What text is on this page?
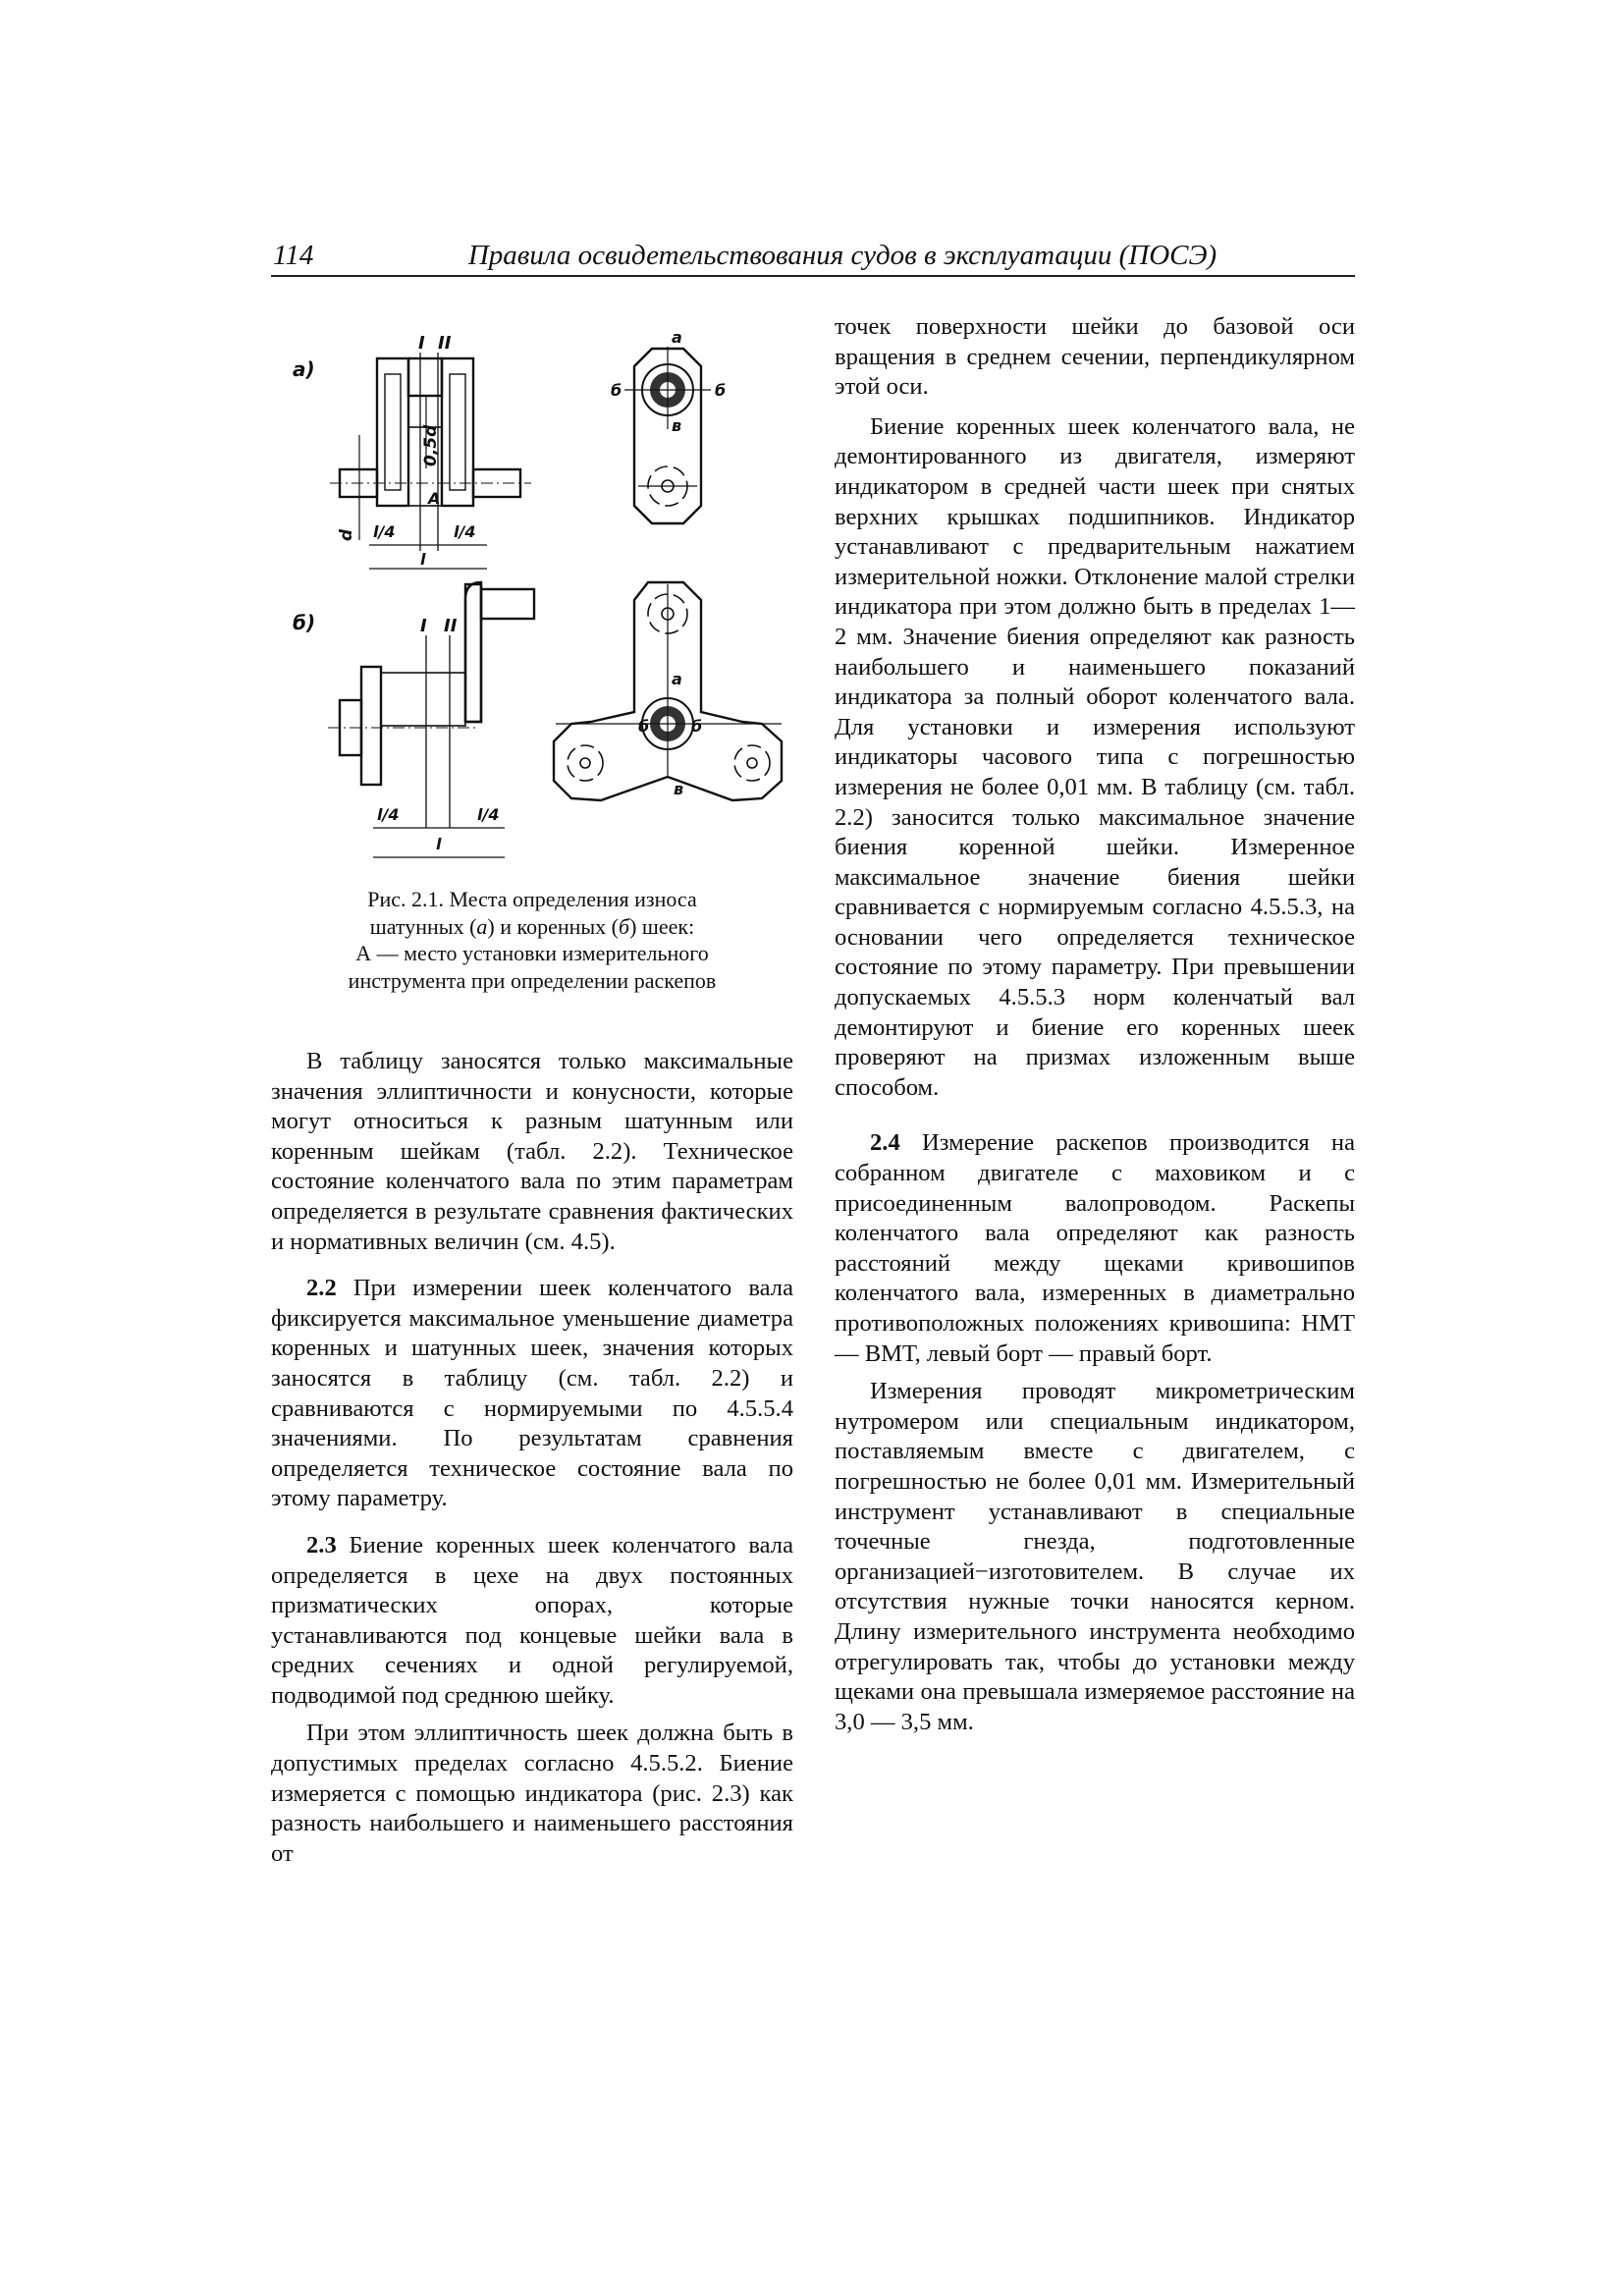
114	Правила освидетельствования судов в эксплуатации (ПОСЭ)
а)
I II
0,5d
A
d l/4	l/4
l
а
б	б
в
б)	I II
l/4	l/4
l
а
б	б
в
Рис. 2.1. Места определения износа
шатунных (а) и коренных (б) шеек:
А — место установки измерительного
инструмента при определении раскепов

В таблицу заносятся только максимальные значения эллиптичности и конусности, которые могут относиться к разным шатунным или коренным шейкам (табл. 2.2). Техническое состояние коленчатого вала по этим параметрам определяется в результате сравнения фактических и нормативных величин (см. 4.5).

2.2 При измерении шеек коленчатого вала фиксируется максимальное уменьшение диаметра коренных и шатунных шеек, значения которых заносятся в таблицу (см. табл. 2.2) и сравниваются с нормируемыми по 4.5.5.4 значениями. По результатам сравнения определяется техническое состояние вала по этому параметру.

2.3 Биение коренных шеек коленчатого вала определяется в цехе на двух постоянных призматических опорах, которые устанавливаются под концевые шейки вала в средних сечениях и одной регулируемой, подводимой под среднюю шейку.

При этом эллиптичность шеек должна быть в допустимых пределах согласно 4.5.5.2. Биение измеряется с помощью индикатора (рис. 2.3) как разность наибольшего и наименьшего расстояния от

точек поверхности шейки до базовой оси вращения в среднем сечении, перпендикулярном этой оси.

Биение коренных шеек коленчатого вала, не демонтированного из двигателя, измеряют индикатором в средней части шеек при снятых верхних крышках подшипников. Индикатор устанавливают с предварительным нажатием измерительной ножки. Отклонение малой стрелки индикатора при этом должно быть в пределах 1—2 мм. Значение биения определяют как разность наибольшего и наименьшего показаний индикатора за полный оборот коленчатого вала. Для установки и измерения используют индикаторы часового типа с погрешностью измерения не более 0,01 мм. В таблицу (см. табл. 2.2) заносится только максимальное значение биения коренной шейки. Измеренное максимальное значение биения шейки сравнивается с нормируемым согласно 4.5.5.3, на основании чего определяется техническое состояние по этому параметру. При превышении допускаемых 4.5.5.3 норм коленчатый вал демонтируют и биение его коренных шеек проверяют на призмах изложенным выше способом.

2.4 Измерение раскепов производится на собранном двигателе с маховиком и с присоединенным валопроводом. Раскепы коленчатого вала определяют как разность расстояний между щеками кривошипов коленчатого вала, измеренных в диаметрально противоположных положениях кривошипа: НМТ — ВМТ, левый борт — правый борт.

Измерения проводят микрометрическим нутромером или специальным индикатором, поставляемым вместе с двигателем, с погрешностью не более 0,01 мм. Измерительный инструмент устанавливают в специальные точечные гнезда, подготовленные организацией−изготовителем. В случае их отсутствия нужные точки наносятся керном. Длину измерительного инструмента необходимо отрегулировать так, чтобы до установки между щеками она превышала измеряемое расстояние на 3,0 — 3,5 мм.
